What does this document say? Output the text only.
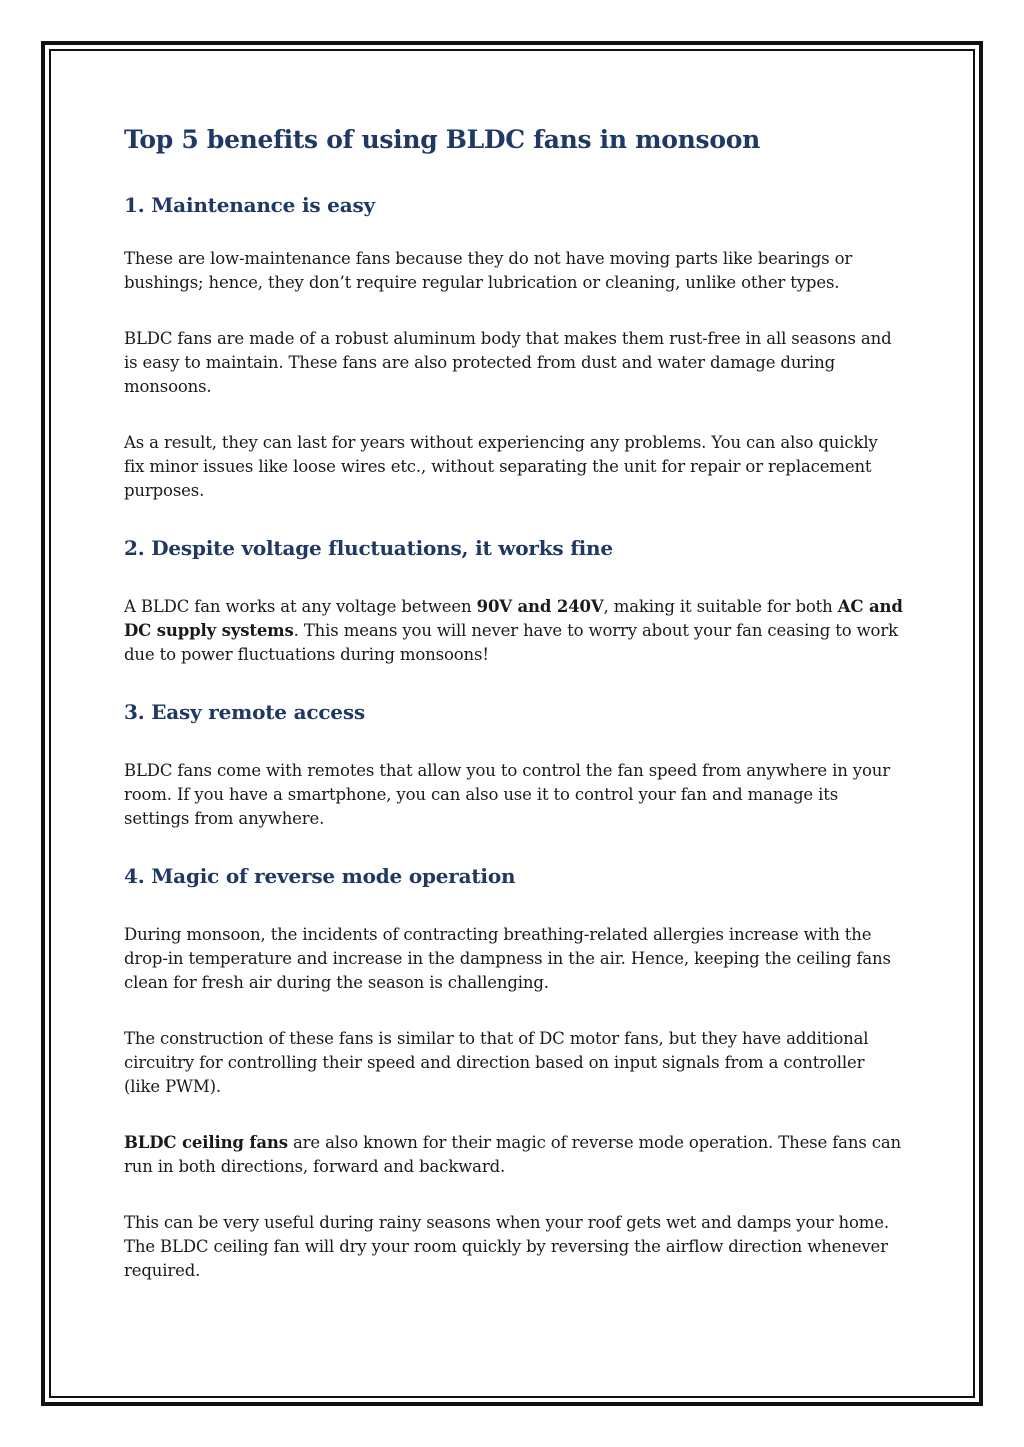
Top 5 benefits of using BLDC fans in monsoon
1. Maintenance is easy

These are low-maintenance fans because they do not have moving parts like bearings or bushings; hence, they don’t require regular lubrication or cleaning, unlike other types.

BLDC fans are made of a robust aluminum body that makes them rust-free in all seasons and is easy to maintain. These fans are also protected from dust and water damage during monsoons.

As a result, they can last for years without experiencing any problems. You can also quickly fix minor issues like loose wires etc., without separating the unit for repair or replacement purposes.

2. Despite voltage fluctuations, it works fine

A BLDC fan works at any voltage between 90V and 240V, making it suitable for both AC and DC supply systems. This means you will never have to worry about your fan ceasing to work due to power fluctuations during monsoons!

3. Easy remote access

BLDC fans come with remotes that allow you to control the fan speed from anywhere in your room. If you have a smartphone, you can also use it to control your fan and manage its settings from anywhere.

4. Magic of reverse mode operation

During monsoon, the incidents of contracting breathing-related allergies increase with the drop-in temperature and increase in the dampness in the air. Hence, keeping the ceiling fans clean for fresh air during the season is challenging.

The construction of these fans is similar to that of DC motor fans, but they have additional circuitry for controlling their speed and direction based on input signals from a controller (like PWM).

BLDC ceiling fans are also known for their magic of reverse mode operation. These fans can run in both directions, forward and backward.

This can be very useful during rainy seasons when your roof gets wet and damps your home. The BLDC ceiling fan will dry your room quickly by reversing the airflow direction whenever required.
